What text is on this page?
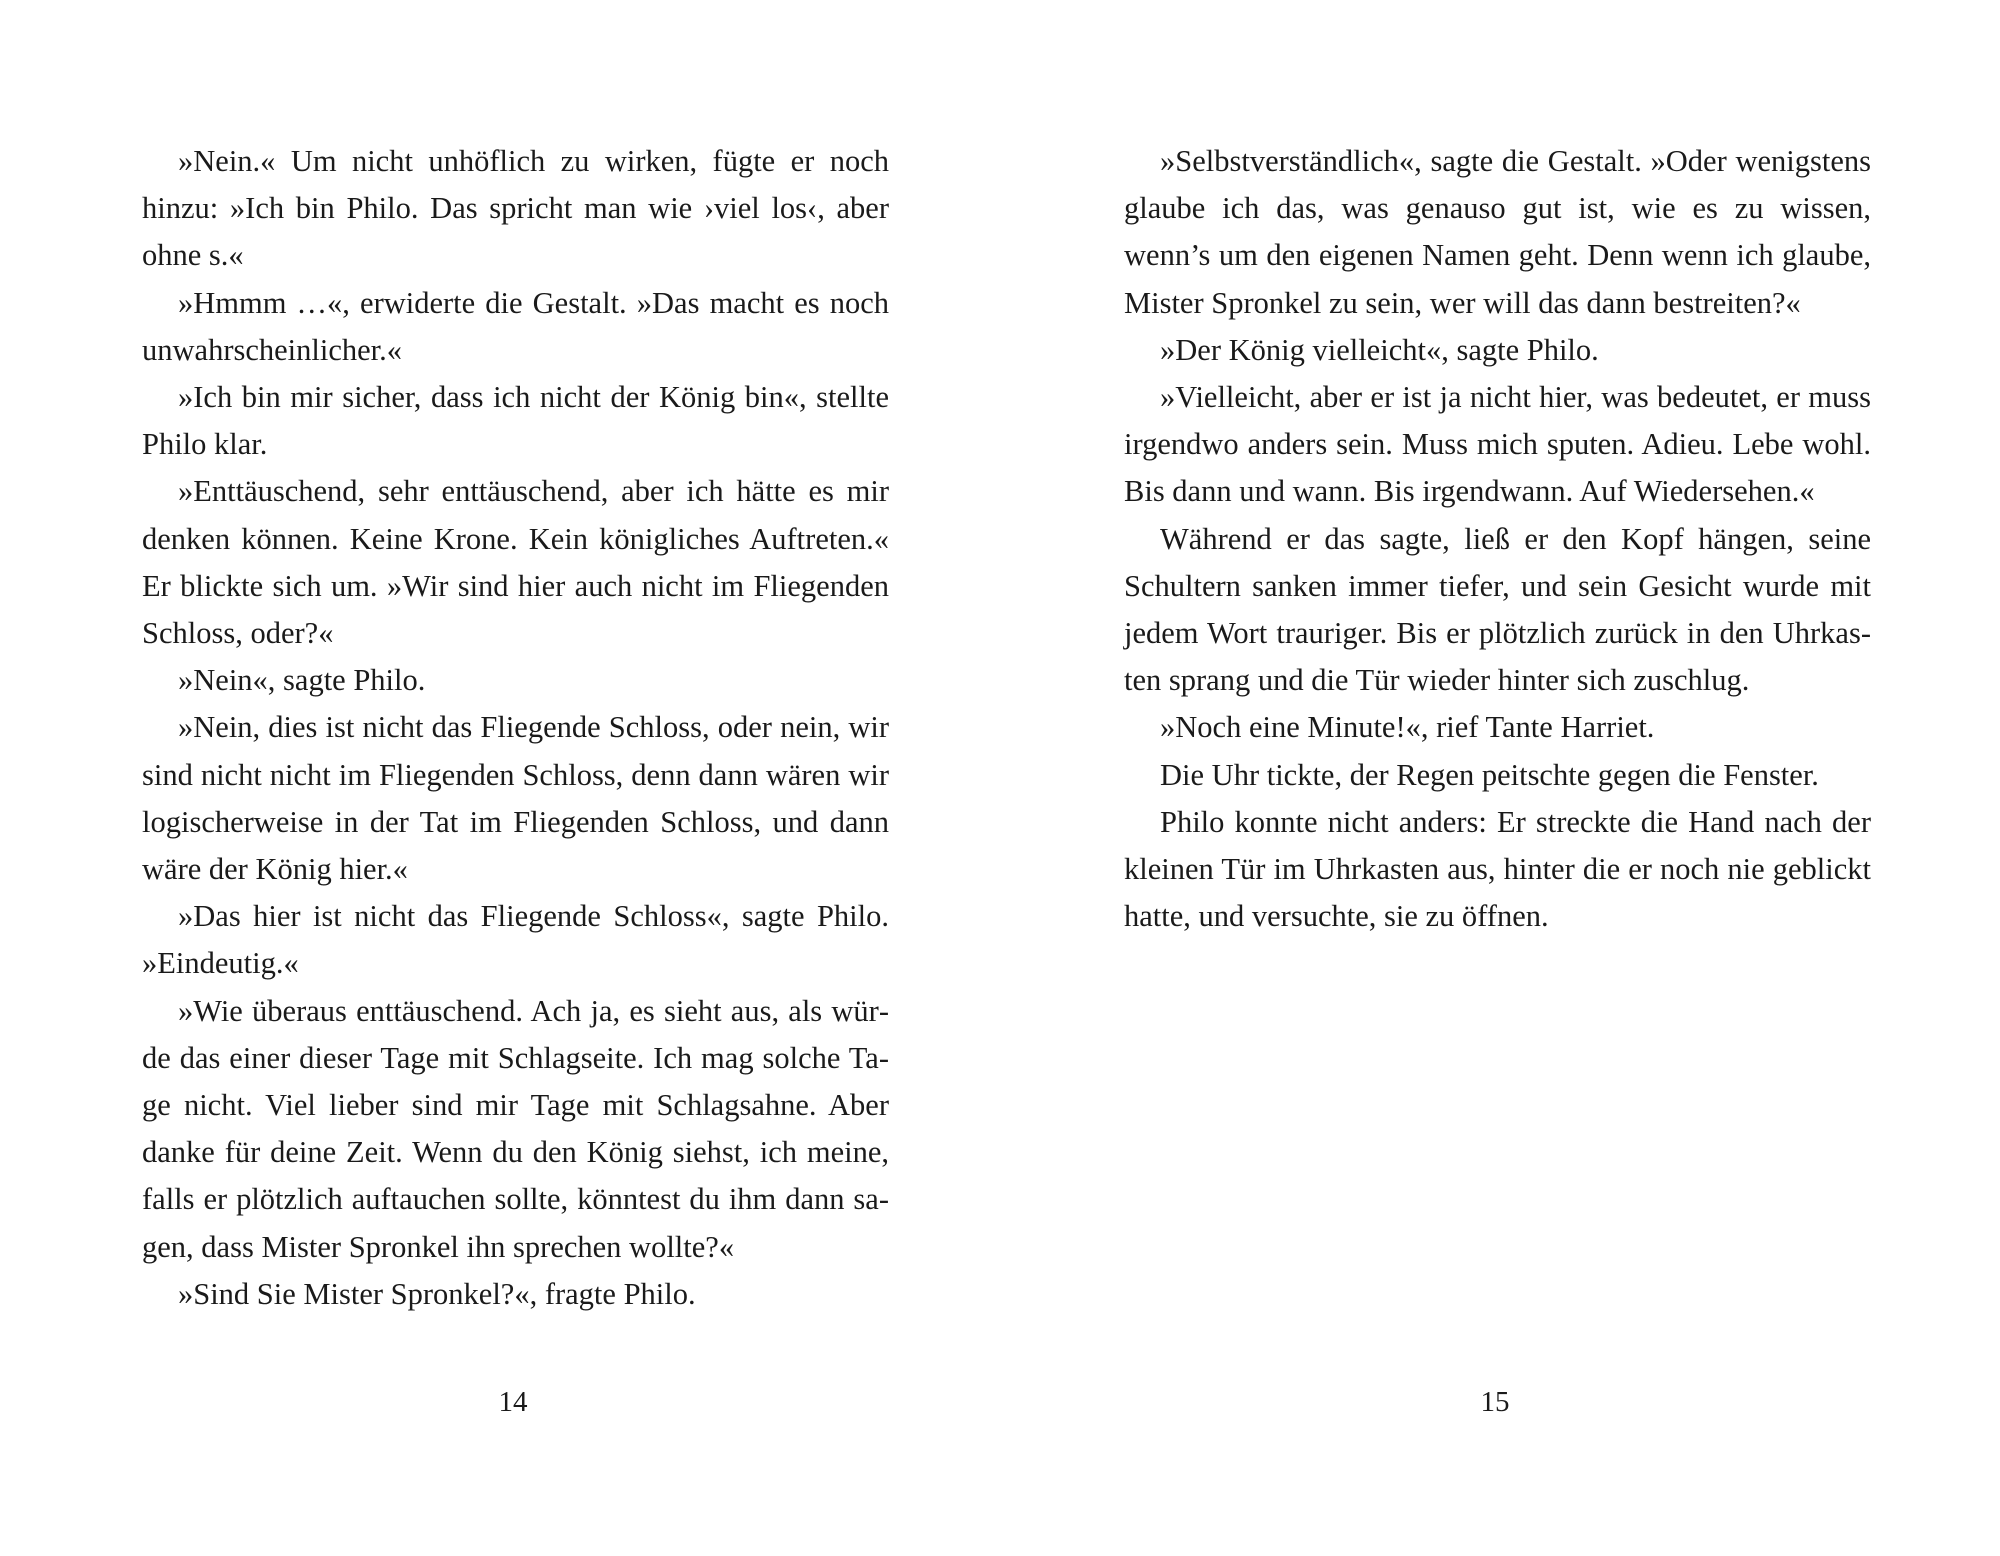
»Nein.« Um nicht unhöflich zu wirken, fügte er noch hinzu: »Ich bin Philo. Das spricht man wie ›viel los‹, aber ohne s.«

»Hmmm …«, erwiderte die Gestalt. »Das macht es noch unwahrscheinlicher.«

»Ich bin mir sicher, dass ich nicht der König bin«, stellte Philo klar.

»Enttäuschend, sehr enttäuschend, aber ich hätte es mir denken können. Keine Krone. Kein königliches Auftreten.« Er blickte sich um. »Wir sind hier auch nicht im Fliegenden Schloss, oder?«

»Nein«, sagte Philo.

»Nein, dies ist nicht das Fliegende Schloss, oder nein, wir sind nicht nicht im Fliegenden Schloss, denn dann wären wir logischerweise in der Tat im Fliegenden Schloss, und dann wäre der König hier.«

»Das hier ist nicht das Fliegende Schloss«, sagte Philo. »Eindeutig.«

»Wie überaus enttäuschend. Ach ja, es sieht aus, als würde das einer dieser Tage mit Schlagseite. Ich mag solche Tage nicht. Viel lieber sind mir Tage mit Schlagsahne. Aber danke für deine Zeit. Wenn du den König siehst, ich meine, falls er plötzlich auftauchen sollte, könntest du ihm dann sagen, dass Mister Spronkel ihn sprechen wollte?«

»Sind Sie Mister Spronkel?«, fragte Philo.

14

»Selbstverständlich«, sagte die Gestalt. »Oder wenigstens glaube ich das, was genauso gut ist, wie es zu wissen, wenn’s um den eigenen Namen geht. Denn wenn ich glaube, Mister Spronkel zu sein, wer will das dann bestreiten?«

»Der König vielleicht«, sagte Philo.

»Vielleicht, aber er ist ja nicht hier, was bedeutet, er muss irgendwo anders sein. Muss mich sputen. Adieu. Lebe wohl. Bis dann und wann. Bis irgendwann. Auf Wiedersehen.«

Während er das sagte, ließ er den Kopf hängen, seine Schultern sanken immer tiefer, und sein Gesicht wurde mit jedem Wort trauriger. Bis er plötzlich zurück in den Uhrkasten sprang und die Tür wieder hinter sich zuschlug.

»Noch eine Minute!«, rief Tante Harriet.

Die Uhr tickte, der Regen peitschte gegen die Fenster.

Philo konnte nicht anders: Er streckte die Hand nach der kleinen Tür im Uhrkasten aus, hinter die er noch nie geblickt hatte, und versuchte, sie zu öffnen.

15
